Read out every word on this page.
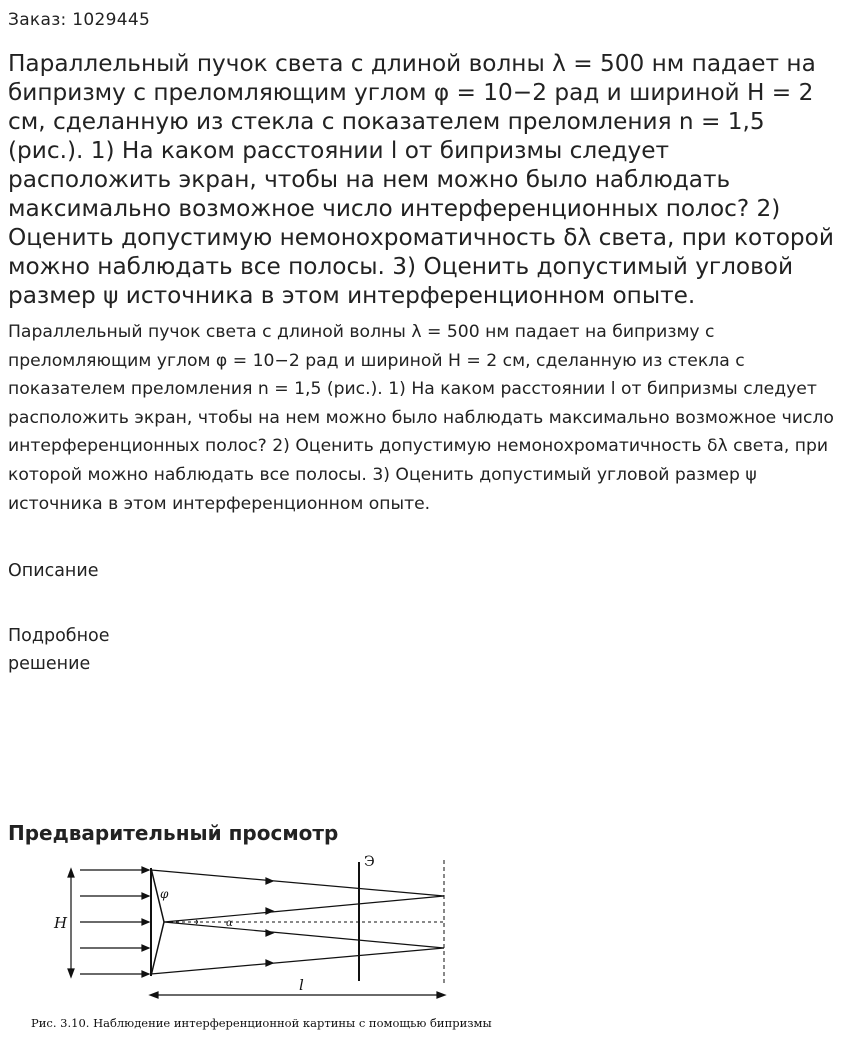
Заказ: 1029445
Параллельный пучок света с длиной волны λ = 500 нм падает на бипризму с преломляющим углом φ = 10−2 рад и шириной H = 2 см, сделанную из стекла с показателем преломления n = 1,5 (рис.). 1) На каком расстоянии l от бипризмы следует расположить экран, чтобы на нем можно было наблюдать максимально возможное число интерференционных полос? 2) Оценить допустимую немонохроматичность δλ света, при которой можно наблюдать все полосы. 3) Оценить допустимый угловой размер ψ источника в этом интерференционном опыте.

Параллельный пучок света с длиной волны λ = 500 нм падает на бипризму с преломляющим углом φ = 10−2 рад и шириной H = 2 см, сделанную из стекла с показателем преломления n = 1,5 (рис.). 1) На каком расстоянии l от бипризмы следует расположить экран, чтобы на нем можно было наблюдать максимально возможное число интерференционных полос? 2) Оценить допустимую немонохроматичность δλ света, при которой можно наблюдать все полосы. 3) Оценить допустимый угловой размер ψ источника в этом интерференционном опыте.

Описание
Подробное решение
Предварительный просмотр
H
φ
Э
α
l
Рис. 3.10. Наблюдение интерференционной картины с помощью бипризмы
